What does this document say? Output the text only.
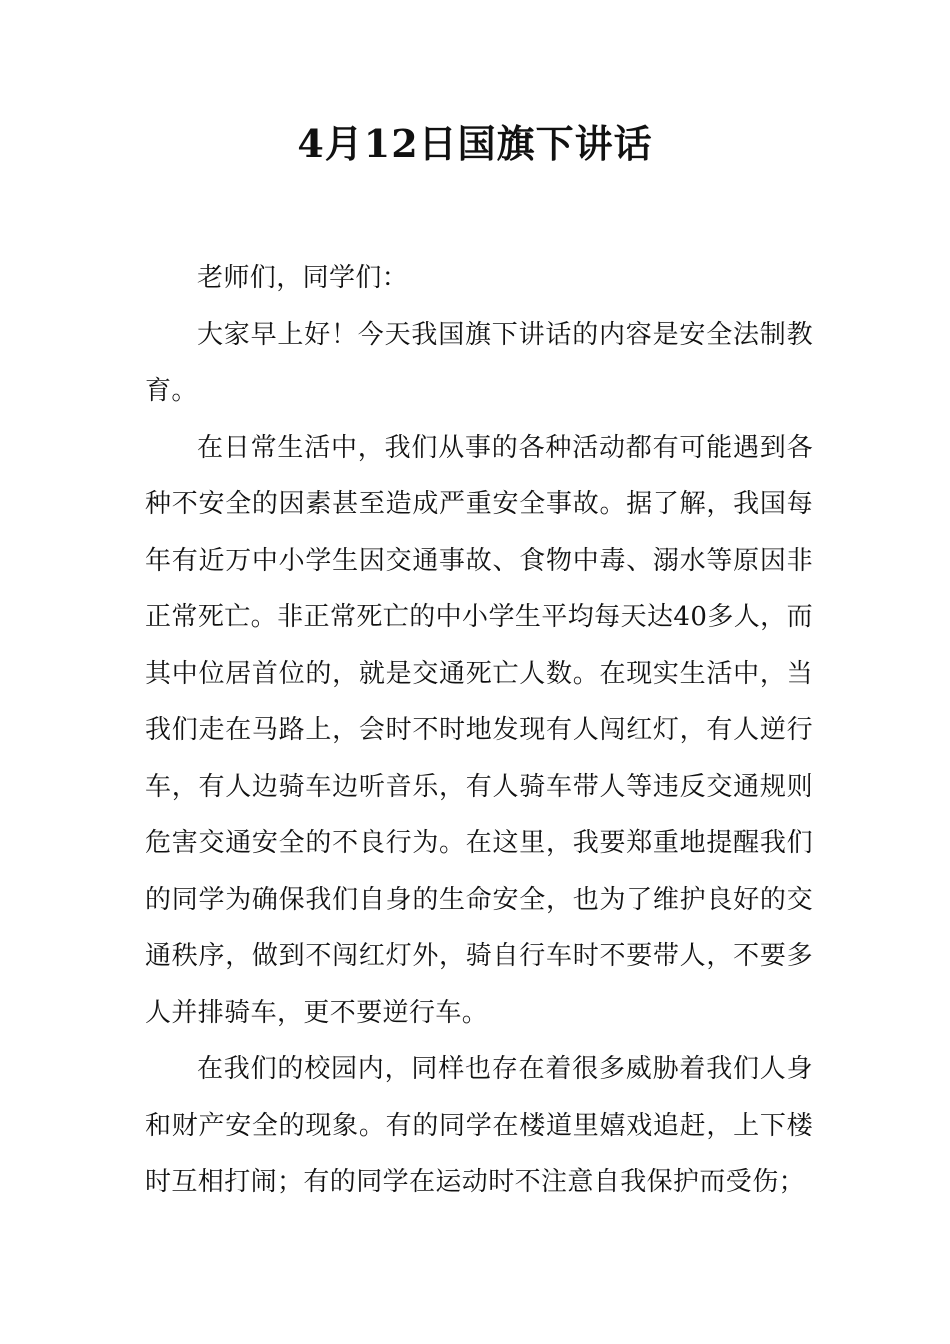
4月12日国旗下讲话

老师们，同学们：

大家早上好！今天我国旗下讲话的内容是安全法制教育。

在日常生活中，我们从事的各种活动都有可能遇到各种不安全的因素甚至造成严重安全事故。据了解，我国每年有近万中小学生因交通事故、食物中毒、溺水等原因非正常死亡。非正常死亡的中小学生平均每天达40多人，而其中位居首位的，就是交通死亡人数。在现实生活中，当我们走在马路上，会时不时地发现有人闯红灯，有人逆行车，有人边骑车边听音乐，有人骑车带人等违反交通规则危害交通安全的不良行为。在这里，我要郑重地提醒我们的同学为确保我们自身的生命安全，也为了维护良好的交通秩序，做到不闯红灯外，骑自行车时不要带人，不要多人并排骑车，更不要逆行车。

在我们的校园内，同样也存在着很多威胁着我们人身和财产安全的现象。有的同学在楼道里嬉戏追赶，上下楼时互相打闹；有的同学在运动时不注意自我保护而受伤；
